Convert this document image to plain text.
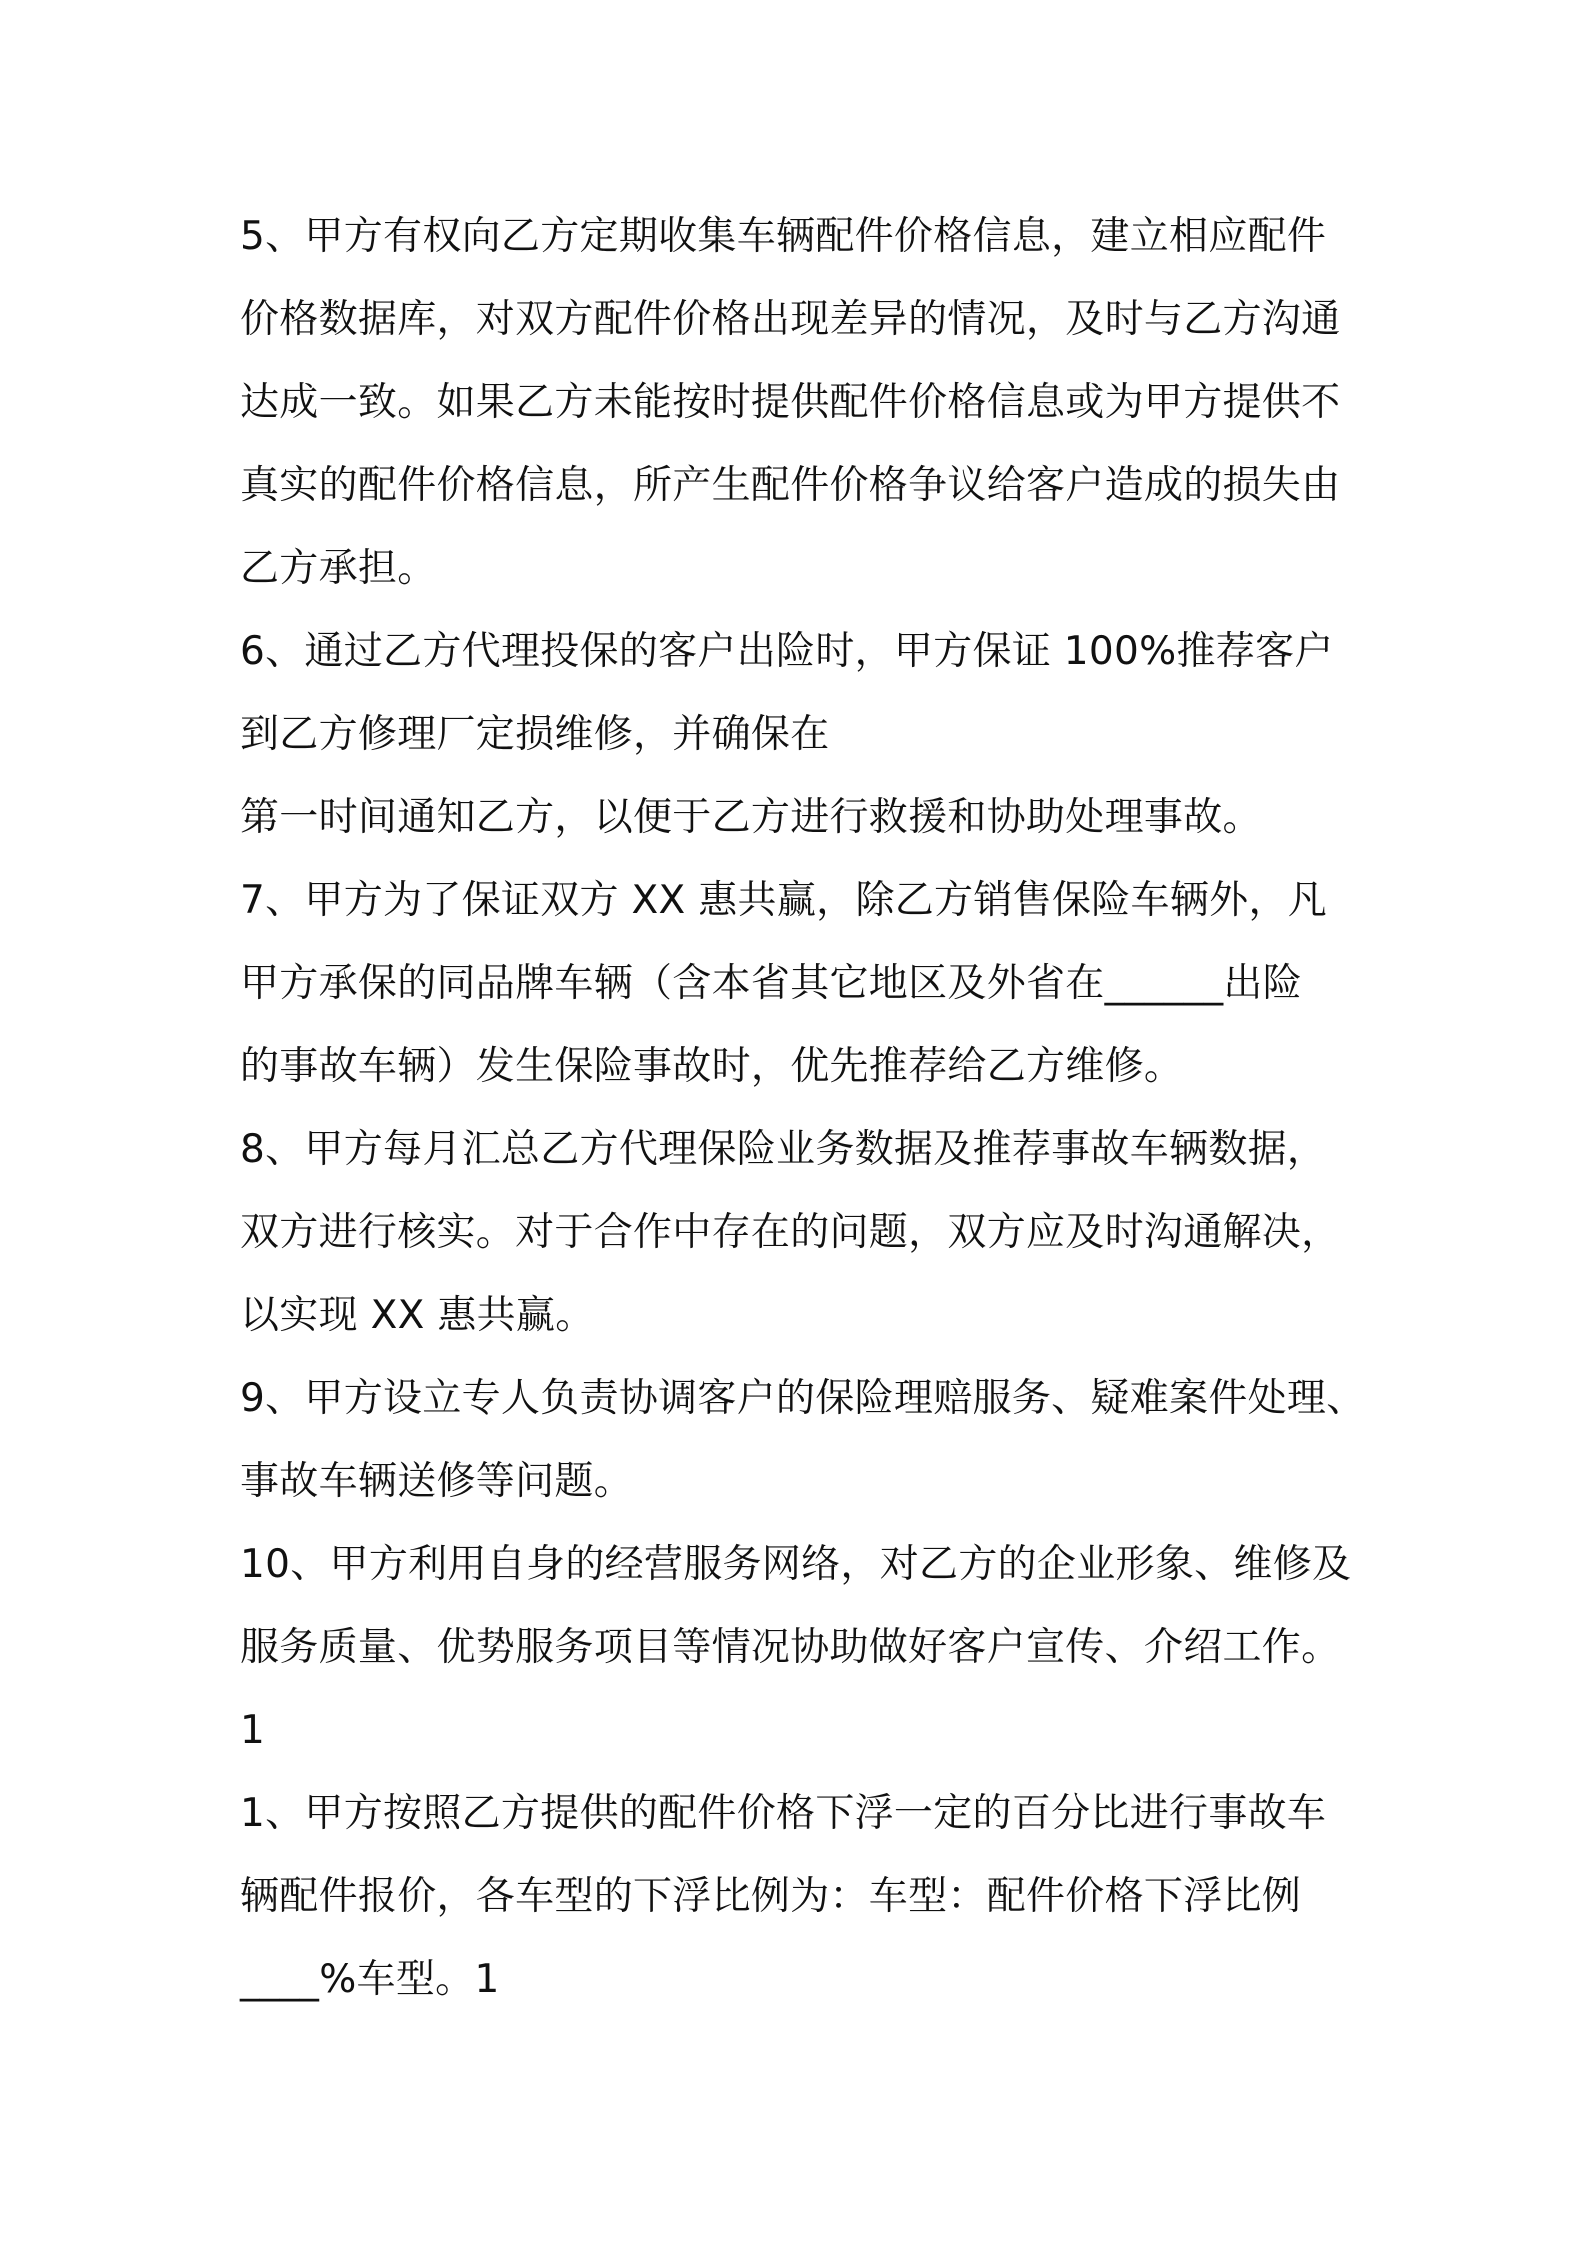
5、甲方有权向乙方定期收集车辆配件价格信息，建立相应配件
价格数据库，对双方配件价格出现差异的情况，及时与乙方沟通
达成一致。如果乙方未能按时提供配件价格信息或为甲方提供不
真实的配件价格信息，所产生配件价格争议给客户造成的损失由
乙方承担。
6、通过乙方代理投保的客户出险时，甲方保证 100%推荐客户
到乙方修理厂定损维修，并确保在
第一时间通知乙方，以便于乙方进行救援和协助处理事故。
7、甲方为了保证双方 XX 惠共赢，除乙方销售保险车辆外，凡
甲方承保的同品牌车辆（含本省其它地区及外省在______出险
的事故车辆）发生保险事故时，优先推荐给乙方维修。
8、甲方每月汇总乙方代理保险业务数据及推荐事故车辆数据，
双方进行核实。对于合作中存在的问题，双方应及时沟通解决，
以实现 XX 惠共赢。
9、甲方设立专人负责协调客户的保险理赔服务、疑难案件处理、
事故车辆送修等问题。
10、甲方利用自身的经营服务网络，对乙方的企业形象、维修及
服务质量、优势服务项目等情况协助做好客户宣传、介绍工作。
1
1、甲方按照乙方提供的配件价格下浮一定的百分比进行事故车
辆配件报价，各车型的下浮比例为：车型：配件价格下浮比例
____%车型。1
